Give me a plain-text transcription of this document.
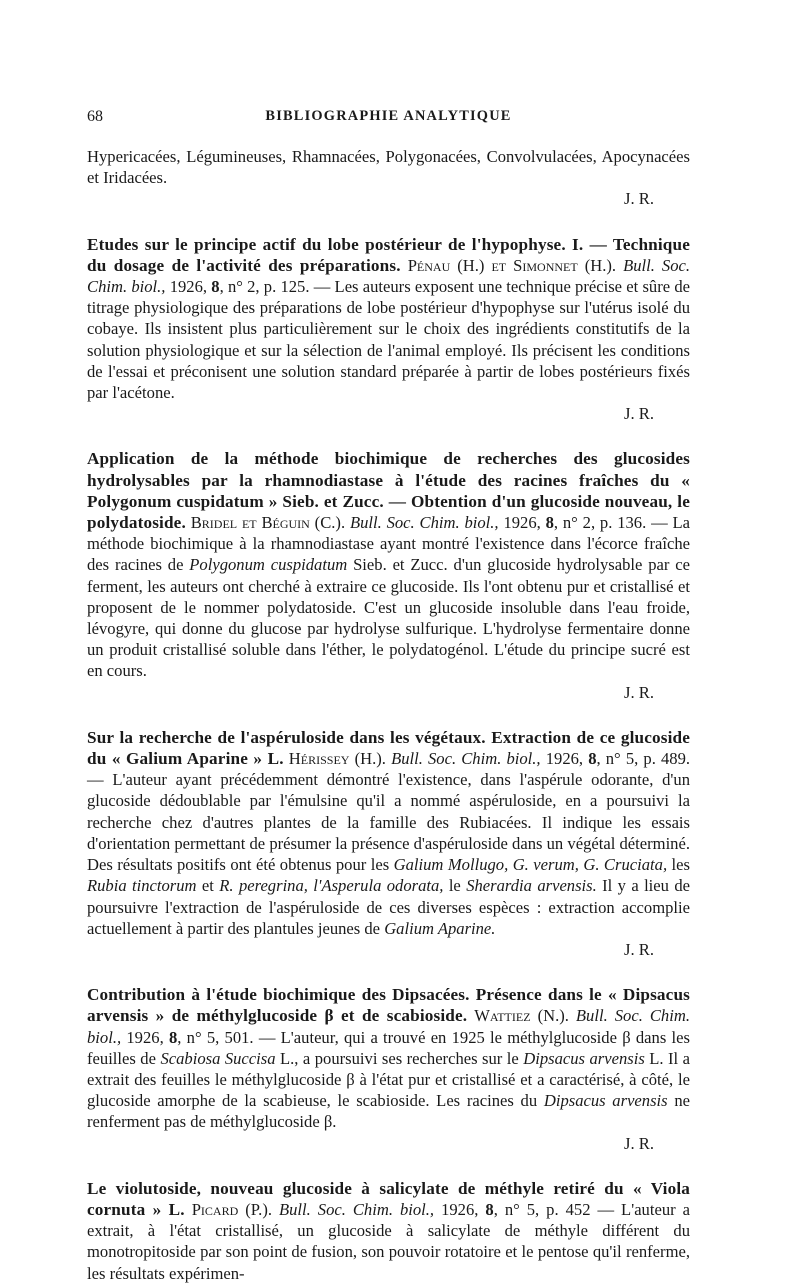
68	BIBLIOGRAPHIE ANALYTIQUE

Hypericacées, Légumineuses, Rhamnacées, Polygonacées, Convolvulacées, Apocynacées et Iridacées.

J. R.

Etudes sur le principe actif du lobe postérieur de l'hypophyse. I. — Technique du dosage de l'activité des préparations. Pénau (H.) et Simonnet (H.). Bull. Soc. Chim. biol., 1926, 8, n° 2, p. 125. — Les auteurs exposent une technique précise et sûre de titrage physiologique des préparations de lobe postérieur d'hypophyse sur l'utérus isolé du cobaye. Ils insistent plus particulièrement sur le choix des ingrédients constitutifs de la solution physiologique et sur la sélection de l'animal employé. Ils précisent les conditions de l'essai et préconisent une solution standard préparée à partir de lobes postérieurs fixés par l'acétone.

J. R.

Application de la méthode biochimique de recherches des glucosides hydrolysables par la rhamnodiastase à l'étude des racines fraîches du « Polygonum cuspidatum » Sieb. et Zucc. — Obtention d'un glucoside nouveau, le polydatoside. Bridel et Béguin (C.). Bull. Soc. Chim. biol., 1926, 8, n° 2, p. 136. — La méthode biochimique à la rhamnodiastase ayant montré l'existence dans l'écorce fraîche des racines de Polygonum cuspidatum Sieb. et Zucc. d'un glucoside hydrolysable par ce ferment, les auteurs ont cherché à extraire ce glucoside. Ils l'ont obtenu pur et cristallisé et proposent de le nommer polydatoside. C'est un glucoside insoluble dans l'eau froide, lévogyre, qui donne du glucose par hydrolyse sulfurique. L'hydrolyse fermentaire donne un produit cristallisé soluble dans l'éther, le polydatogénol. L'étude du principe sucré est en cours.

J. R.

Sur la recherche de l'aspéruloside dans les végétaux. Extraction de ce glucoside du « Galium Aparine » L. Hérissey (H.). Bull. Soc. Chim. biol., 1926, 8, n° 5, p. 489. — L'auteur ayant précédemment démontré l'existence, dans l'aspérule odorante, d'un glucoside dédoublable par l'émulsine qu'il a nommé aspéruloside, en a poursuivi la recherche chez d'autres plantes de la famille des Rubiacées. Il indique les essais d'orientation permettant de présumer la présence d'aspéruloside dans un végétal déterminé. Des résultats positifs ont été obtenus pour les Galium Mollugo, G. verum, G. Cruciata, les Rubia tinctorum et R. peregrina, l'Asperula odorata, le Sherardia arvensis. Il y a lieu de poursuivre l'extraction de l'aspéruloside de ces diverses espèces : extraction accomplie actuellement à partir des plantules jeunes de Galium Aparine.

J. R.

Contribution à l'étude biochimique des Dipsacées. Présence dans le « Dipsacus arvensis » de méthylglucoside β et de scabioside. Wattiez (N.). Bull. Soc. Chim. biol., 1926, 8, n° 5, 501. — L'auteur, qui a trouvé en 1925 le méthylglucoside β dans les feuilles de Scabiosa Succisa L., a poursuivi ses recherches sur le Dipsacus arvensis L. Il a extrait des feuilles le méthylglucoside β à l'état pur et cristallisé et a caractérisé, à côté, le glucoside amorphe de la scabieuse, le scabioside. Les racines du Dipsacus arvensis ne renferment pas de méthylglucoside β.

J. R.

Le violutoside, nouveau glucoside à salicylate de méthyle retiré du « Viola cornuta » L. Picard (P.). Bull. Soc. Chim. biol., 1926, 8, n° 5, p. 452 — L'auteur a extrait, à l'état cristallisé, un glucoside à salicylate de méthyle différent du monotropitoside par son point de fusion, son pouvoir rotatoire et le pentose qu'il renferme, les résultats expérimen-
